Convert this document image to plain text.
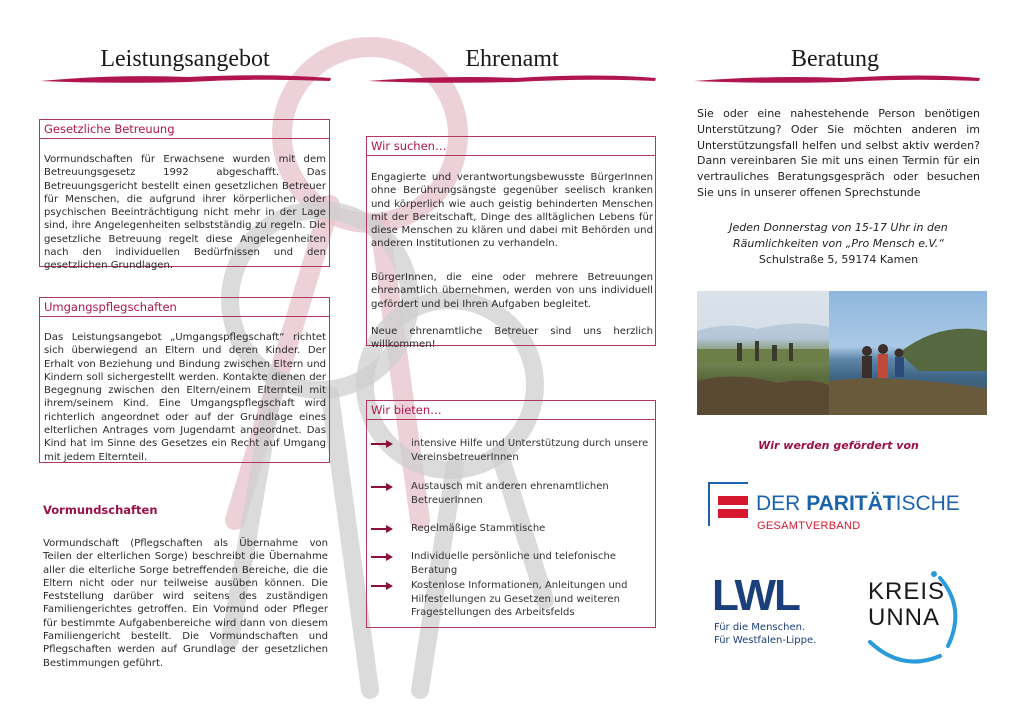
Leistungsangebot
Gesetzliche Betreuung
Vormundschaften für Erwachsene wurden mit dem Betreuungsgesetz 1992 abgeschafft. Das Betreuungsgericht bestellt einen gesetzlichen Betreuer für Menschen, die aufgrund ihrer körperlichen oder psychischen Beeinträchtigung nicht mehr in der Lage sind, ihre Angelegenheiten selbstständig zu regeln. Die gesetzliche Betreuung regelt diese Angelegenheiten nach den individuellen Bedürfnissen und den gesetzlichen Grundlagen.
Umgangspflegschaften
Das Leistungsangebot „Umgangspflegschaft“ richtet sich überwiegend an Eltern und deren Kinder. Der Erhalt von Beziehung und Bindung zwischen Eltern und Kindern soll sichergestellt werden. Kontakte dienen der Begegnung zwischen den Eltern/einem Elternteil mit ihrem/seinem Kind. Eine Umgangspflegschaft wird richterlich angeordnet oder auf der Grundlage eines elterlichen Antrages vom Jugendamt angeordnet. Das Kind hat im Sinne des Gesetzes ein Recht auf Umgang mit jedem Elternteil.
Vormundschaften
Vormundschaft (Pflegschaften als Übernahme von Teilen der elterlichen Sorge) beschreibt die Übernahme aller die elterliche Sorge betreffenden Bereiche, die die Eltern nicht oder nur teilweise ausüben können. Die Feststellung darüber wird seitens des zuständigen Familiengerichtes getroffen. Ein Vormund oder Pfleger für bestimmte Aufgabenbereiche wird dann von diesem Familiengericht bestellt. Die Vormundschaften und Pflegschaften werden auf Grundlage der gesetzlichen Bestimmungen geführt.
Ehrenamt
Wir suchen…
Engagierte und verantwortungsbewusste BürgerInnen ohne Berührungsängste gegenüber seelisch kranken und körperlich wie auch geistig behinderten Menschen mit der Bereitschaft, Dinge des alltäglichen Lebens für diese Menschen zu klären und dabei mit Behörden und anderen Institutionen zu verhandeln.
BürgerInnen, die eine oder mehrere Betreuungen ehrenamtlich übernehmen, werden von uns individuell gefördert und bei Ihren Aufgaben begleitet.
Neue ehrenamtliche Betreuer sind uns herzlich willkommen!
Wir bieten…
intensive Hilfe und Unterstützung durch unsere VereinsbetreuerInnen
Austausch mit anderen ehrenamtlichen BetreuerInnen
Regelmäßige Stammtische
Individuelle persönliche und telefonische Beratung
Kostenlose Informationen, Anleitungen und Hilfestellungen zu Gesetzen und weiteren Fragestellungen des Arbeitsfelds
Beratung
Sie oder eine nahestehende Person benötigen Unterstützung? Oder Sie möchten anderen im Unterstützungsfall helfen und selbst aktiv werden? Dann vereinbaren Sie mit uns einen Termin für ein vertrauliches Beratungsgespräch oder besuchen Sie uns in unserer offenen Sprechstunde
Jeden Donnerstag von 15-17 Uhr in den
Räumlichkeiten von „Pro Mensch e.V.“
Schulstraße 5, 59174 Kamen
Wir werden gefördert von
DER PARITÄTISCHE
GESAMTVERBAND
LWL
Für die Menschen.
Für Westfalen-Lippe.
KREIS
UNNA
